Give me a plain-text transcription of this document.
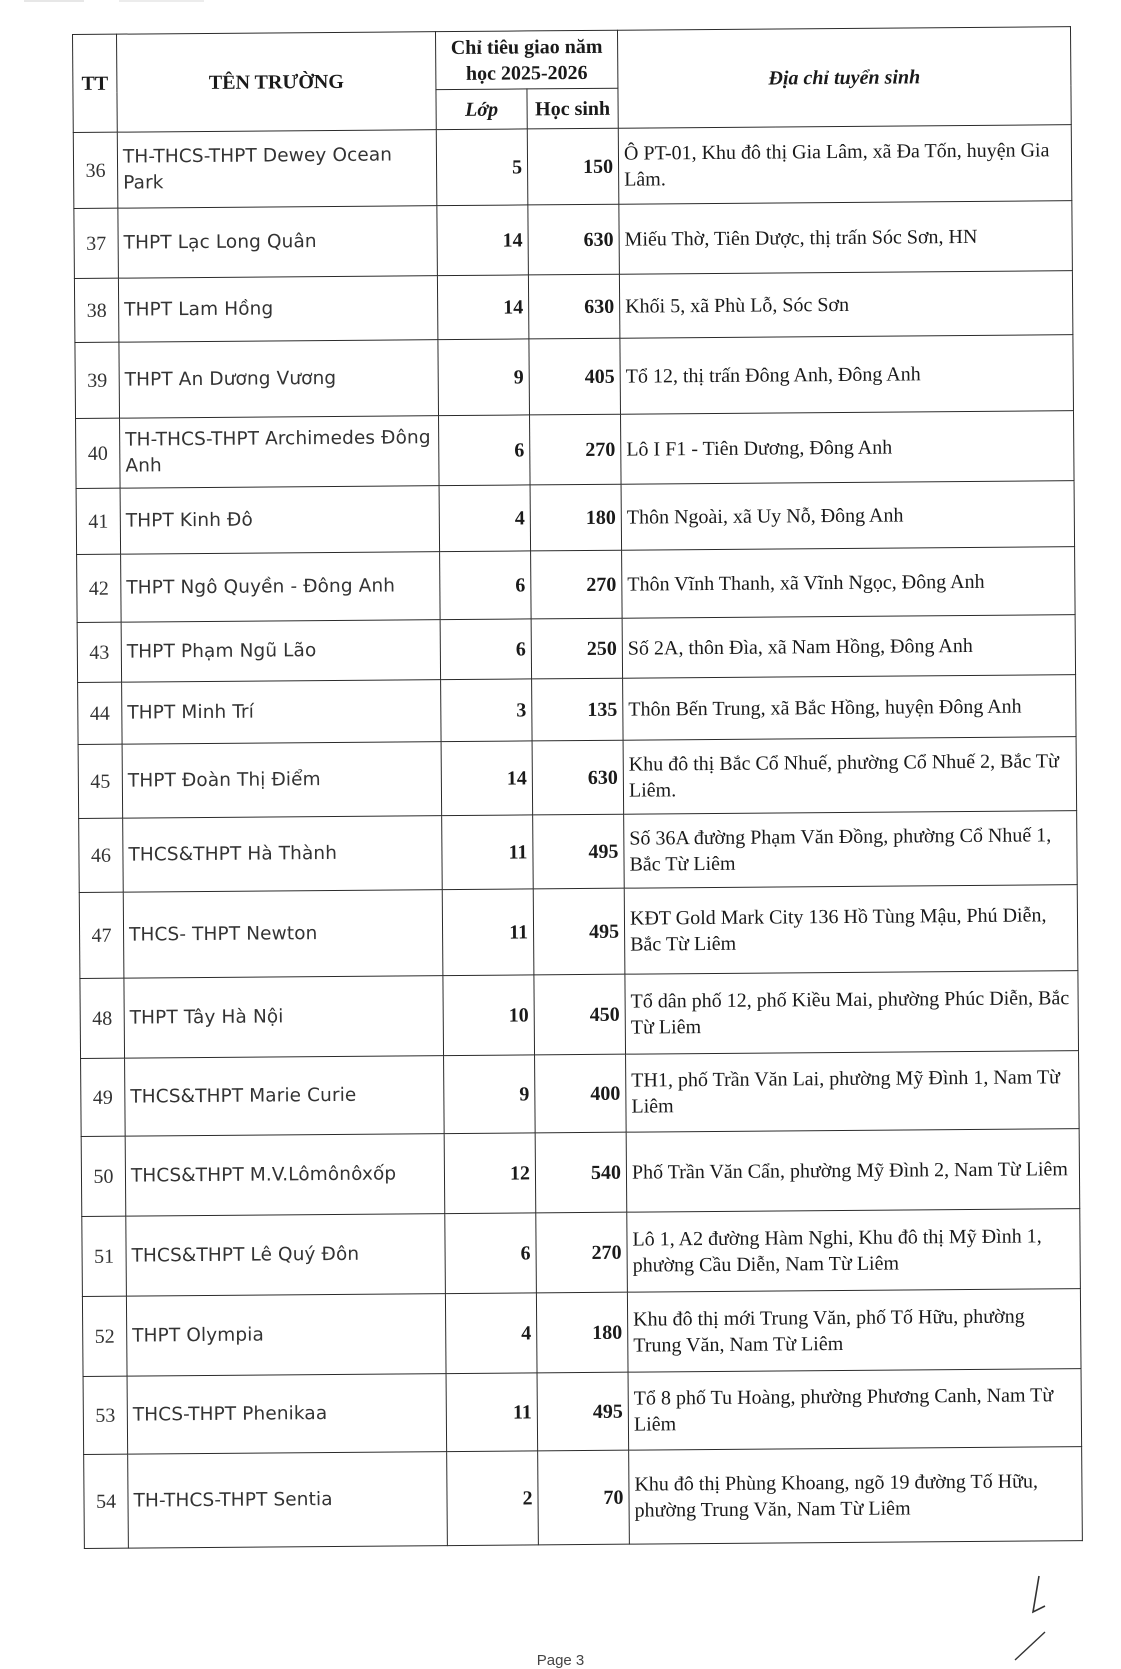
TT	TÊN TRƯỜNG	Chỉ tiêu giao năm học 2025-2026		Địa chỉ tuyển sinh
		Lớp	Học sinh	
36	TH-THCS-THPT Dewey Ocean Park	5	150	Ô PT-01, Khu đô thị Gia Lâm, xã Đa Tốn, huyện Gia Lâm.
37	THPT Lạc Long Quân	14	630	Miếu Thờ, Tiên Dược, thị trấn Sóc Sơn, HN
38	THPT Lam Hồng	14	630	Khối 5, xã Phù Lỗ, Sóc Sơn
39	THPT An Dương Vương	9	405	Tổ 12, thị trấn Đông Anh, Đông Anh
40	TH-THCS-THPT Archimedes Đông Anh	6	270	Lô I F1 - Tiên Dương, Đông Anh
41	THPT Kinh Đô	4	180	Thôn Ngoài, xã Uy Nỗ, Đông Anh
42	THPT Ngô Quyền - Đông Anh	6	270	Thôn Vĩnh Thanh, xã Vĩnh Ngọc, Đông Anh
43	THPT Phạm Ngũ Lão	6	250	Số 2A, thôn Đìa, xã Nam Hồng, Đông Anh
44	THPT Minh Trí	3	135	Thôn Bến Trung, xã Bắc Hồng, huyện Đông Anh
45	THPT Đoàn Thị Điểm	14	630	Khu đô thị Bắc Cổ Nhuế, phường Cổ Nhuế 2, Bắc Từ Liêm.
46	THCS&THPT Hà Thành	11	495	Số 36A đường Phạm Văn Đồng, phường Cổ Nhuế 1, Bắc Từ Liêm
47	THCS- THPT Newton	11	495	KĐT Gold Mark City 136 Hồ Tùng Mậu, Phú Diễn, Bắc Từ Liêm
48	THPT Tây Hà Nội	10	450	Tổ dân phố 12, phố Kiều Mai, phường Phúc Diễn, Bắc Từ Liêm
49	THCS&THPT Marie Curie	9	400	TH1, phố Trần Văn Lai, phường Mỹ Đình 1, Nam Từ Liêm
50	THCS&THPT M.V.Lômônôxốp	12	540	Phố Trần Văn Cẩn, phường Mỹ Đình 2, Nam Từ Liêm
51	THCS&THPT Lê Quý Đôn	6	270	Lô 1, A2 đường Hàm Nghi, Khu đô thị Mỹ Đình 1, phường Cầu Diễn, Nam Từ Liêm
52	THPT Olympia	4	180	Khu đô thị mới Trung Văn, phố Tố Hữu, phường Trung Văn, Nam Từ Liêm
53	THCS-THPT Phenikaa	11	495	Tổ 8 phố Tu Hoàng, phường Phương Canh, Nam Từ Liêm
54	TH-THCS-THPT Sentia	2	70	Khu đô thị Phùng Khoang, ngõ 19 đường Tố Hữu, phường Trung Văn, Nam Từ Liêm
Page 3
